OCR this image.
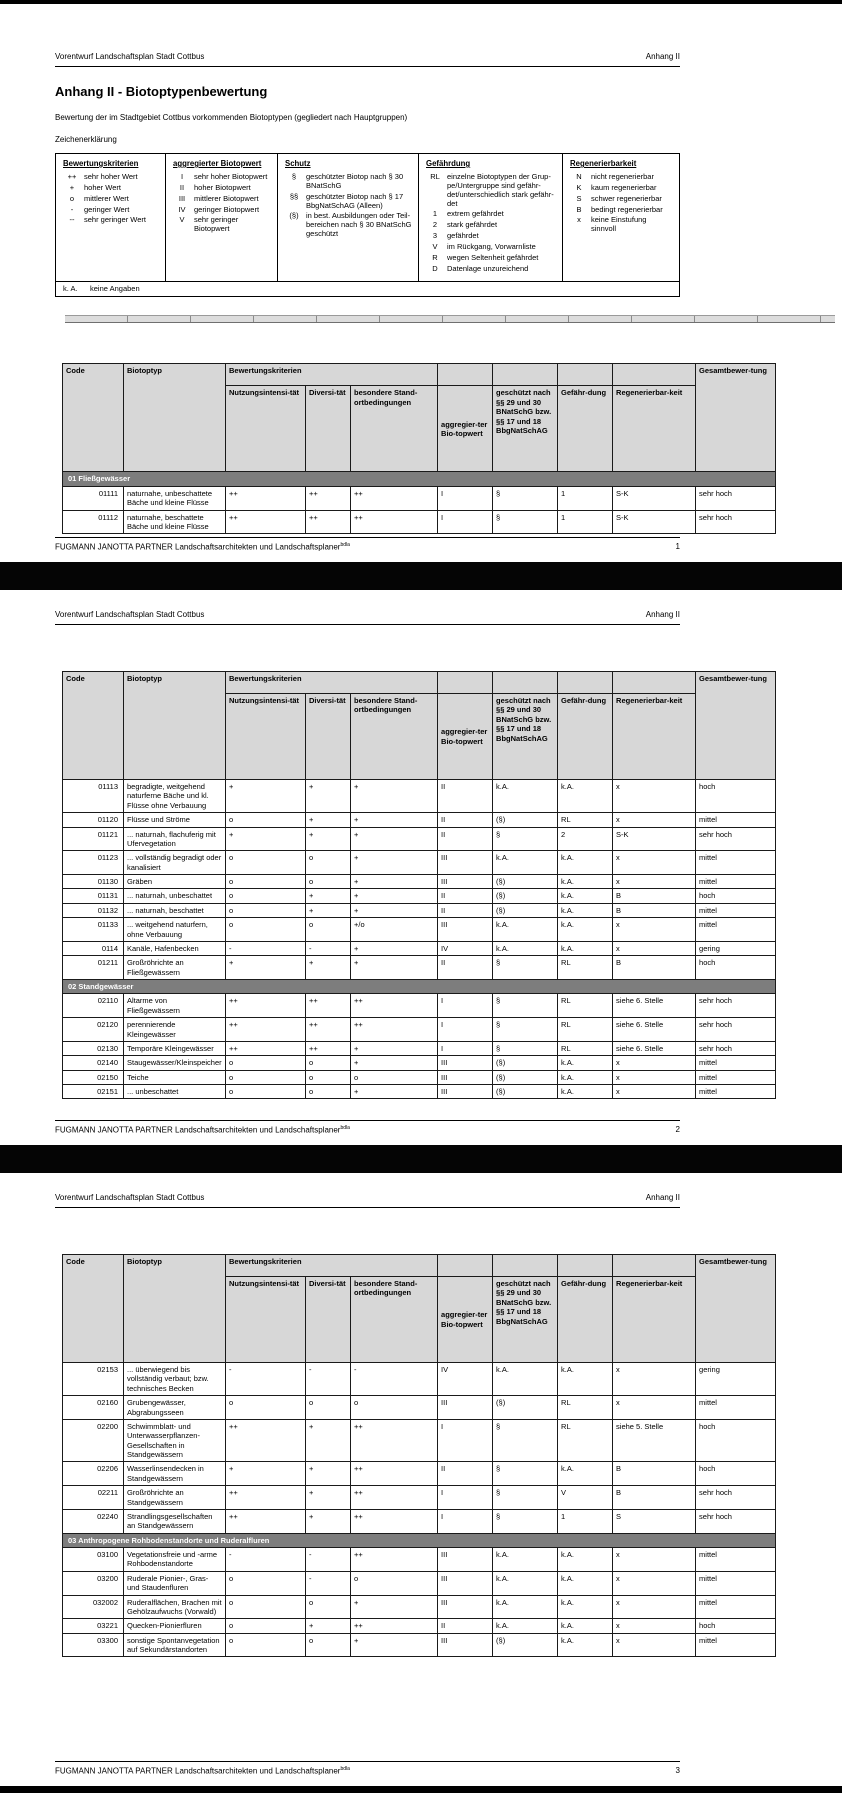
Vorentwurf Landschaftsplan Stadt Cottbus	Anhang II
Anhang II - Biotoptypenbewertung

Bewertung der im Stadtgebiet Cottbus vorkommenden Biotoptypen (gegliedert nach Hauptgruppen)

Zeichenerklärung

Bewertungskriterien
++	sehr hoher Wert
+	hoher Wert
o	mittlerer Wert
-	geringer Wert
--	sehr geringer Wert
aggregierter Biotopwert
I	sehr hoher Biotopwert
II	hoher Biotopwert
III	mittlerer Biotopwert
IV	geringer Biotopwert
V	sehr geringer Biotopwert
Schutz
§	geschützter Biotop nach § 30 BNatSchG
§§	geschützter Biotop nach § 17 BbgNatSchAG (Alleen)
(§) in best. Ausbildungen oder Teil-bereichen nach § 30 BNatSchG geschützt
Gefährdung
RL einzelne Biotoptypen der Grup-pe/Untergruppe sind gefähr-det/unterschiedlich stark gefähr-det
1	extrem gefährdet
2	stark gefährdet
3	gefährdet
V	im Rückgang, Vorwarnliste
R	wegen Seltenheit gefährdet
D	Datenlage unzureichend
Regenerierbarkeit
N	nicht regenerierbar
K	kaum regenerierbar
S	schwer regenerierbar
B	bedingt regenerierbar
x	keine Einstufung sinnvoll
k. A.	keine Angaben
Code	Biotoptyp	Bewertungskriterien							Gesamtbewer-tung
		Nutzungsintensi-tät	Diversi-tät	besondere Stand-ortbedingungen	aggregier-ter Bio-topwert	geschützt nach §§ 29 und 30 BNatSchG bzw. §§ 17 und 18 BbgNatSchAG	Gefähr-dung	Regenerierbar-keit	
01 Fließgewässer									
01111	naturnahe, unbeschattete Bäche und kleine Flüsse	++	++	++	I	§	1	S-K	sehr hoch
01112	naturnahe, beschattete Bäche und kleine Flüsse	++	++	++	I	§	1	S-K	sehr hoch
FUGMANN JANOTTA PARTNER Landschaftsarchitekten und Landschaftsplaner$^{bdla}$	1
Vorentwurf Landschaftsplan Stadt Cottbus	Anhang II
Code	Biotoptyp	Bewertungskriterien							Gesamtbewer-tung
		Nutzungsintensi-tät	Diversi-tät	besondere Stand-ortbedingungen	aggregier-ter Bio-topwert	geschützt nach §§ 29 und 30 BNatSchG bzw. §§ 17 und 18 BbgNatSchAG	Gefähr-dung	Regenerierbar-keit	
01113	begradigte, weitgehend naturferne Bäche und kl. Flüsse ohne Verbauung	+	+	+	II	k.A.	k.A.	x	hoch
01120	Flüsse und Ströme	o	+	+	II	(§)	RL	x	mittel
01121	... naturnah, flachuferig mit Ufervegetation	+	+	+	II	§	2	S-K	sehr hoch
01123	... vollständig begradigt oder kanalisiert	o	o	+	III	k.A.	k.A.	x	mittel
01130	Gräben	o	o	+	III	(§)	k.A.	x	mittel
01131	... naturnah, unbeschattet	o	+	+	II	(§)	k.A.	B	hoch
01132	... naturnah, beschattet	o	+	+	II	(§)	k.A.	B	mittel
01133	... weitgehend naturfern, ohne Verbauung	o	o	+/o	III	k.A.	k.A.	x	mittel
0114	Kanäle, Hafenbecken	-	-	+	IV	k.A.	k.A.	x	gering
01211	Großröhrichte an Fließgewässern	+	+	+	II	§	RL	B	hoch
02 Standgewässer									
02110	Altarme von Fließgewässern	++	++	++	I	§	RL	siehe 6. Stelle	sehr hoch
02120	perennierende Kleingewässer	++	++	++	I	§	RL	siehe 6. Stelle	sehr hoch
02130	Temporäre Kleingewässer	++	++	+	I	§	RL	siehe 6. Stelle	sehr hoch
02140	Staugewässer/Kleinspeicher	o	o	+	III	(§)	k.A.	x	mittel
02150	Teiche	o	o	o	III	(§)	k.A.	x	mittel
02151	... unbeschattet	o	o	+	III	(§)	k.A.	x	mittel
FUGMANN JANOTTA PARTNER Landschaftsarchitekten und Landschaftsplaner$^{bdla}$	2
Vorentwurf Landschaftsplan Stadt Cottbus	Anhang II
Code	Biotoptyp	Bewertungskriterien							Gesamtbewer-tung
		Nutzungsintensi-tät	Diversi-tät	besondere Stand-ortbedingungen	aggregier-ter Bio-topwert	geschützt nach §§ 29 und 30 BNatSchG bzw. §§ 17 und 18 BbgNatSchAG	Gefähr-dung	Regenerierbar-keit	
02153	... überwiegend bis vollständig verbaut; bzw. technisches Becken	-	-	-	IV	k.A.	k.A.	x	gering
02160	Grubengewässer, Abgrabungsseen	o	o	o	III	(§)	RL	x	mittel
02200	Schwimmblatt- und Unterwasserpflanzen-Gesellschaften in Standgewässern	++	+	++	I	§	RL	siehe 5. Stelle	hoch
02206	Wasserlinsendecken in Standgewässern	+	+	++	II	§	k.A.	B	hoch
02211	Großröhrichte an Standgewässern	++	+	++	I	§	V	B	sehr hoch
02240	Strandlingsgesellschaften an Standgewässern	++	+	++	I	§	1	S	sehr hoch
03 Anthropogene Rohbodenstandorte und Ruderalfluren									
03100	Vegetationsfreie und -arme Rohbodenstandorte	-	-	++	III	k.A.	k.A.	x	mittel
03200	Ruderale Pionier-, Gras- und Staudenfluren	o	-	o	III	k.A.	k.A.	x	mittel
032002	Ruderalflächen, Brachen mit Gehölzaufwuchs (Vorwald)	o	o	+	III	k.A.	k.A.	x	mittel
03221	Quecken-Pionierfluren	o	+	++	II	k.A.	k.A.	x	hoch
03300	sonstige Spontanvegetation auf Sekundärstandorten	o	o	+	III	(§)	k.A.	x	mittel
FUGMANN JANOTTA PARTNER Landschaftsarchitekten und Landschaftsplaner$^{bdla}$	3
